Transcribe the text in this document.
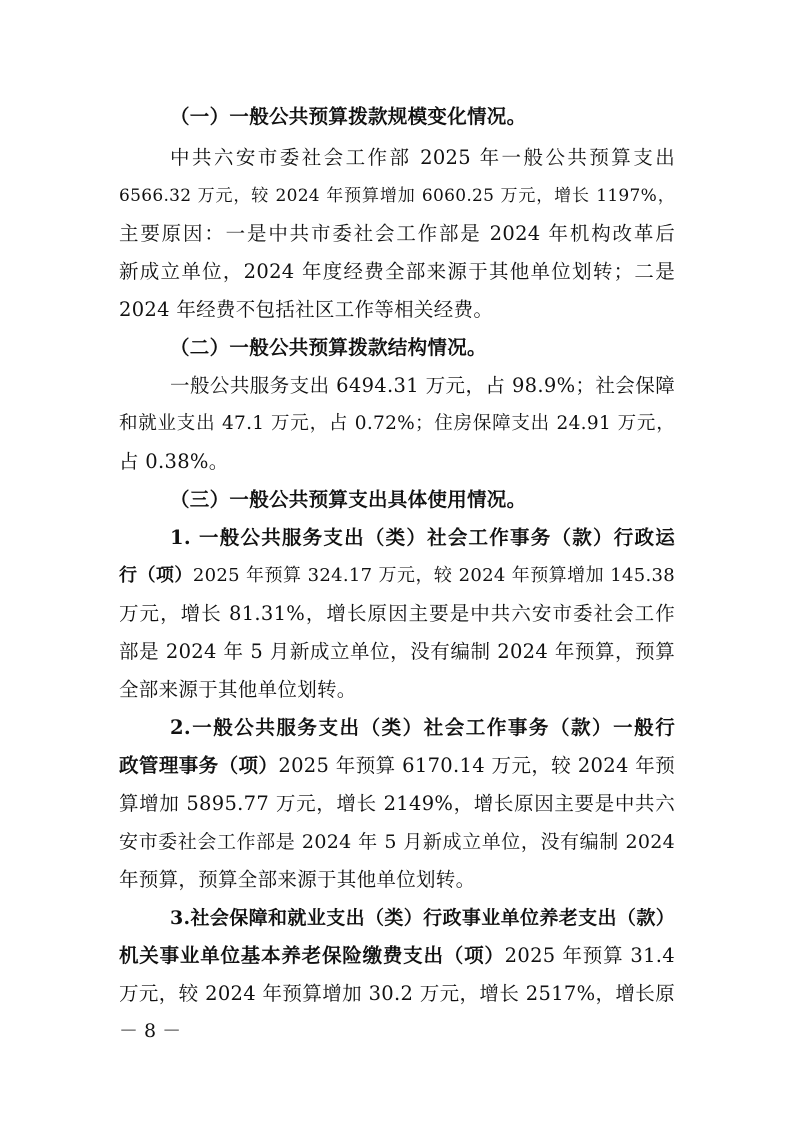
（一）一般公共预算拨款规模变化情况。
中共六安市委社会工作部 2025 年一般公共预算支出
6566.32 万元，较 2024 年预算增加 6060.25 万元，增长 1197%，
主要原因：一是中共市委社会工作部是 2024 年机构改革后
新成立单位，2024 年度经费全部来源于其他单位划转；二是
2024 年经费不包括社区工作等相关经费。
（二）一般公共预算拨款结构情况。
一般公共服务支出 6494.31 万元，占 98.9%；社会保障
和就业支出 47.1 万元，占 0.72%；住房保障支出 24.91 万元，
占 0.38%。
（三）一般公共预算支出具体使用情况。
1. 一般公共服务支出（类）社会工作事务（款）行政运
行（项）2025 年预算 324.17 万元，较 2024 年预算增加 145.38
万元，增长 81.31%，增长原因主要是中共六安市委社会工作
部是 2024 年 5 月新成立单位，没有编制 2024 年预算，预算
全部来源于其他单位划转。
2.一般公共服务支出（类）社会工作事务（款）一般行
政管理事务（项）2025 年预算 6170.14 万元，较 2024 年预
算增加 5895.77 万元，增长 2149%，增长原因主要是中共六
安市委社会工作部是 2024 年 5 月新成立单位，没有编制 2024
年预算，预算全部来源于其他单位划转。
3.社会保障和就业支出（类）行政事业单位养老支出（款）
机关事业单位基本养老保险缴费支出（项）2025 年预算 31.4
万元，较 2024 年预算增加 30.2 万元，增长 2517%，增长原
－ 8 －
